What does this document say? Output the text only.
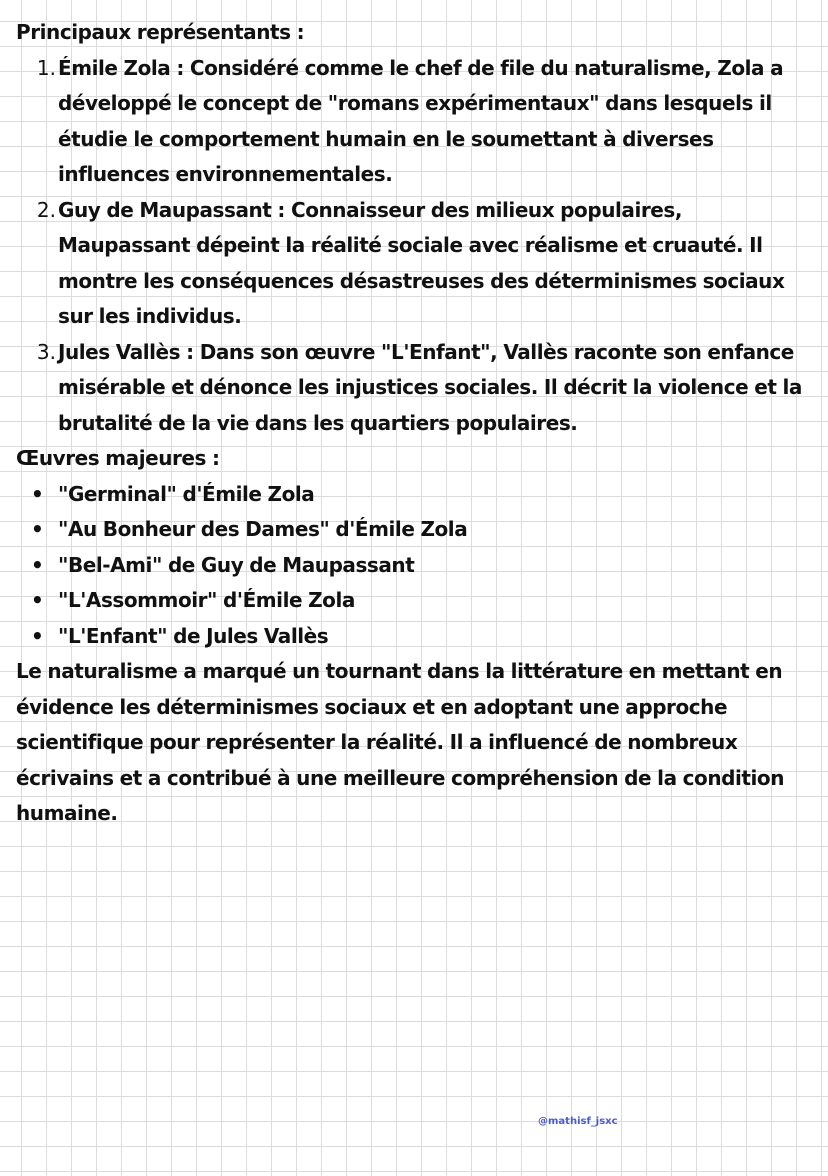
Principaux représentants :

1. Émile Zola : Considéré comme le chef de file du naturalisme, Zola a développé le concept de "romans expérimentaux" dans lesquels il étudie le comportement humain en le soumettant à diverses influences environnementales.
2. Guy de Maupassant : Connaisseur des milieux populaires, Maupassant dépeint la réalité sociale avec réalisme et cruauté. Il montre les conséquences désastreuses des déterminismes sociaux sur les individus.
3. Jules Vallès : Dans son œuvre "L'Enfant", Vallès raconte son enfance misérable et dénonce les injustices sociales. Il décrit la violence et la brutalité de la vie dans les quartiers populaires.

Œuvres majeures :

• "Germinal" d'Émile Zola
• "Au Bonheur des Dames" d'Émile Zola
• "Bel-Ami" de Guy de Maupassant
• "L'Assommoir" d'Émile Zola
• "L'Enfant" de Jules Vallès

Le naturalisme a marqué un tournant dans la littérature en mettant en évidence les déterminismes sociaux et en adoptant une approche scientifique pour représenter la réalité. Il a influencé de nombreux écrivains et a contribué à une meilleure compréhension de la condition humaine.

@mathisf_jsxc
